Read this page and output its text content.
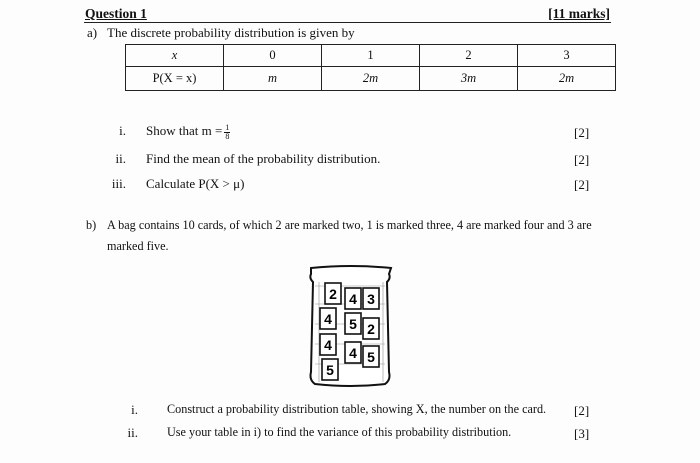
Question 1	[11 marks]
a) The discrete probability distribution is given by
x	0	1	2	3
P(X = x)	m	2m	3m	2m
i. Show that $m = \frac{1}{8}$	[2]
ii. Find the mean of the probability distribution.	[2]
iii. Calculate P(X > μ)	[2]
b) A bag contains 10 cards, of which 2 are marked two, 1 is marked three, 4 are marked four and 3 are
marked five.
2 4 3
4 5 2
4 4 5
5
i. Construct a probability distribution table, showing X, the number on the card. [2]
ii. Use your table in i) to find the variance of this probability distribution.	[3]
